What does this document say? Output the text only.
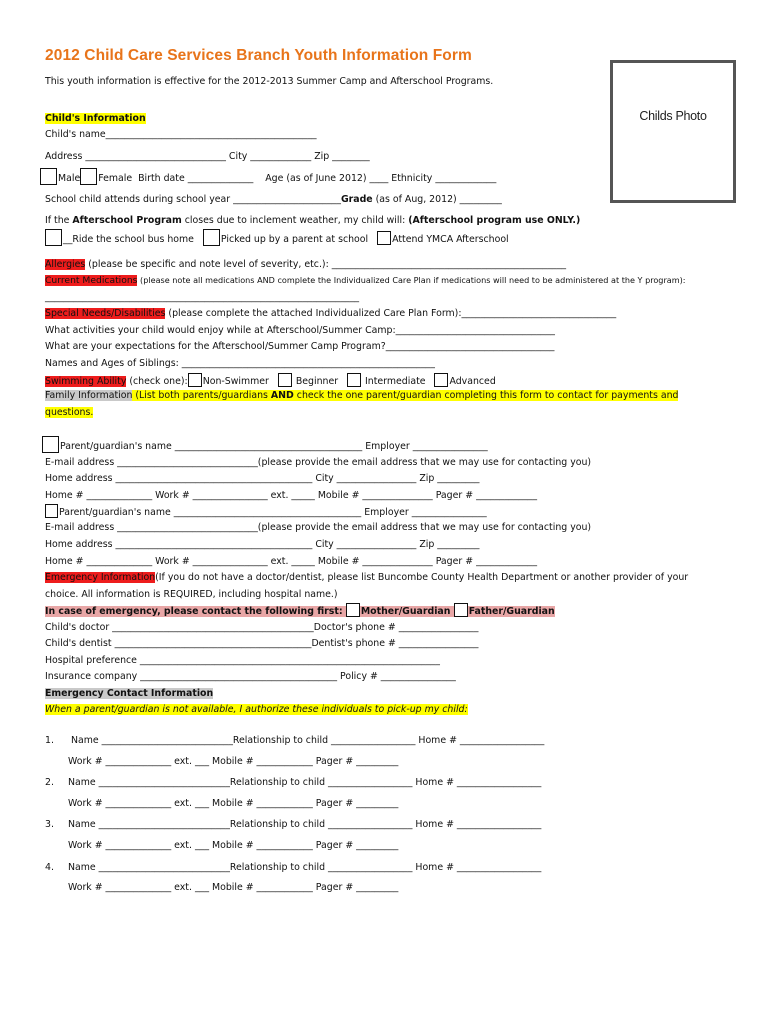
2012 Child Care Services Branch Youth Information Form
This youth information is effective for the 2012-2013 Summer Camp and Afterschool Programs.
Childs Photo
Child's Information
Child's name_____________________________________________
Address ______________________________ City _____________ Zip ________
Male Female Birth date ______________ Age (as of June 2012) ____ Ethnicity _____________
School child attends during school year _______________________Grade (as of Aug, 2012) _________
If the Afterschool Program closes due to inclement weather, my child will: (Afterschool program use ONLY.)
__Ride the school bus home	Picked up by a parent at school	Attend YMCA Afterschool
Allergies (please be specific and note level of severity, etc.): __________________________________________________
Current Medications (please note all medications AND complete the Individualized Care Plan if medications will need to be administered at the Y program):
___________________________________________________________________
Special Needs/Disabilities (please complete the attached Individualized Care Plan Form):_________________________________
What activities your child would enjoy while at Afterschool/Summer Camp:__________________________________
What are your expectations for the Afterschool/Summer Camp Program?____________________________________
Names and Ages of Siblings: ______________________________________________________
Swimming Ability (check one): Non-Swimmer	Beginner	Intermediate	Advanced
Family Information (List both parents/guardians AND check the one parent/guardian completing this form to contact for payments and
questions.
Parent/guardian's name ________________________________________ Employer ________________
E-mail address ______________________________(please provide the email address that we may use for contacting you)
Home address __________________________________________ City _________________ Zip _________
Home # ______________ Work # ________________ ext. _____ Mobile # _______________ Pager # _____________
Parent/guardian's name ________________________________________ Employer ________________
E-mail address ______________________________(please provide the email address that we may use for contacting you)
Home address __________________________________________ City _________________ Zip _________
Home # ______________ Work # ________________ ext. _____ Mobile # _______________ Pager # _____________
Emergency Information(If you do not have a doctor/dentist, please list Buncombe County Health Department or another provider of your
choice. All information is REQUIRED, including hospital name.)
In case of emergency, please contact the following first: Mother/Guardian Father/Guardian
Child's doctor ___________________________________________Doctor's phone # _________________
Child's dentist __________________________________________Dentist's phone # _________________
Hospital preference ________________________________________________________________
Insurance company __________________________________________ Policy # ________________
Emergency Contact Information
When a parent/guardian is not available, I authorize these individuals to pick-up my child:
1. Name ____________________________Relationship to child __________________ Home # __________________
Work # ______________ ext. ___ Mobile # ____________ Pager # _________
2. Name ____________________________Relationship to child __________________ Home # __________________
Work # ______________ ext. ___ Mobile # ____________ Pager # _________
3. Name ____________________________Relationship to child __________________ Home # __________________
Work # ______________ ext. ___ Mobile # ____________ Pager # _________
4. Name ____________________________Relationship to child __________________ Home # __________________
Work # ______________ ext. ___ Mobile # ____________ Pager # _________
